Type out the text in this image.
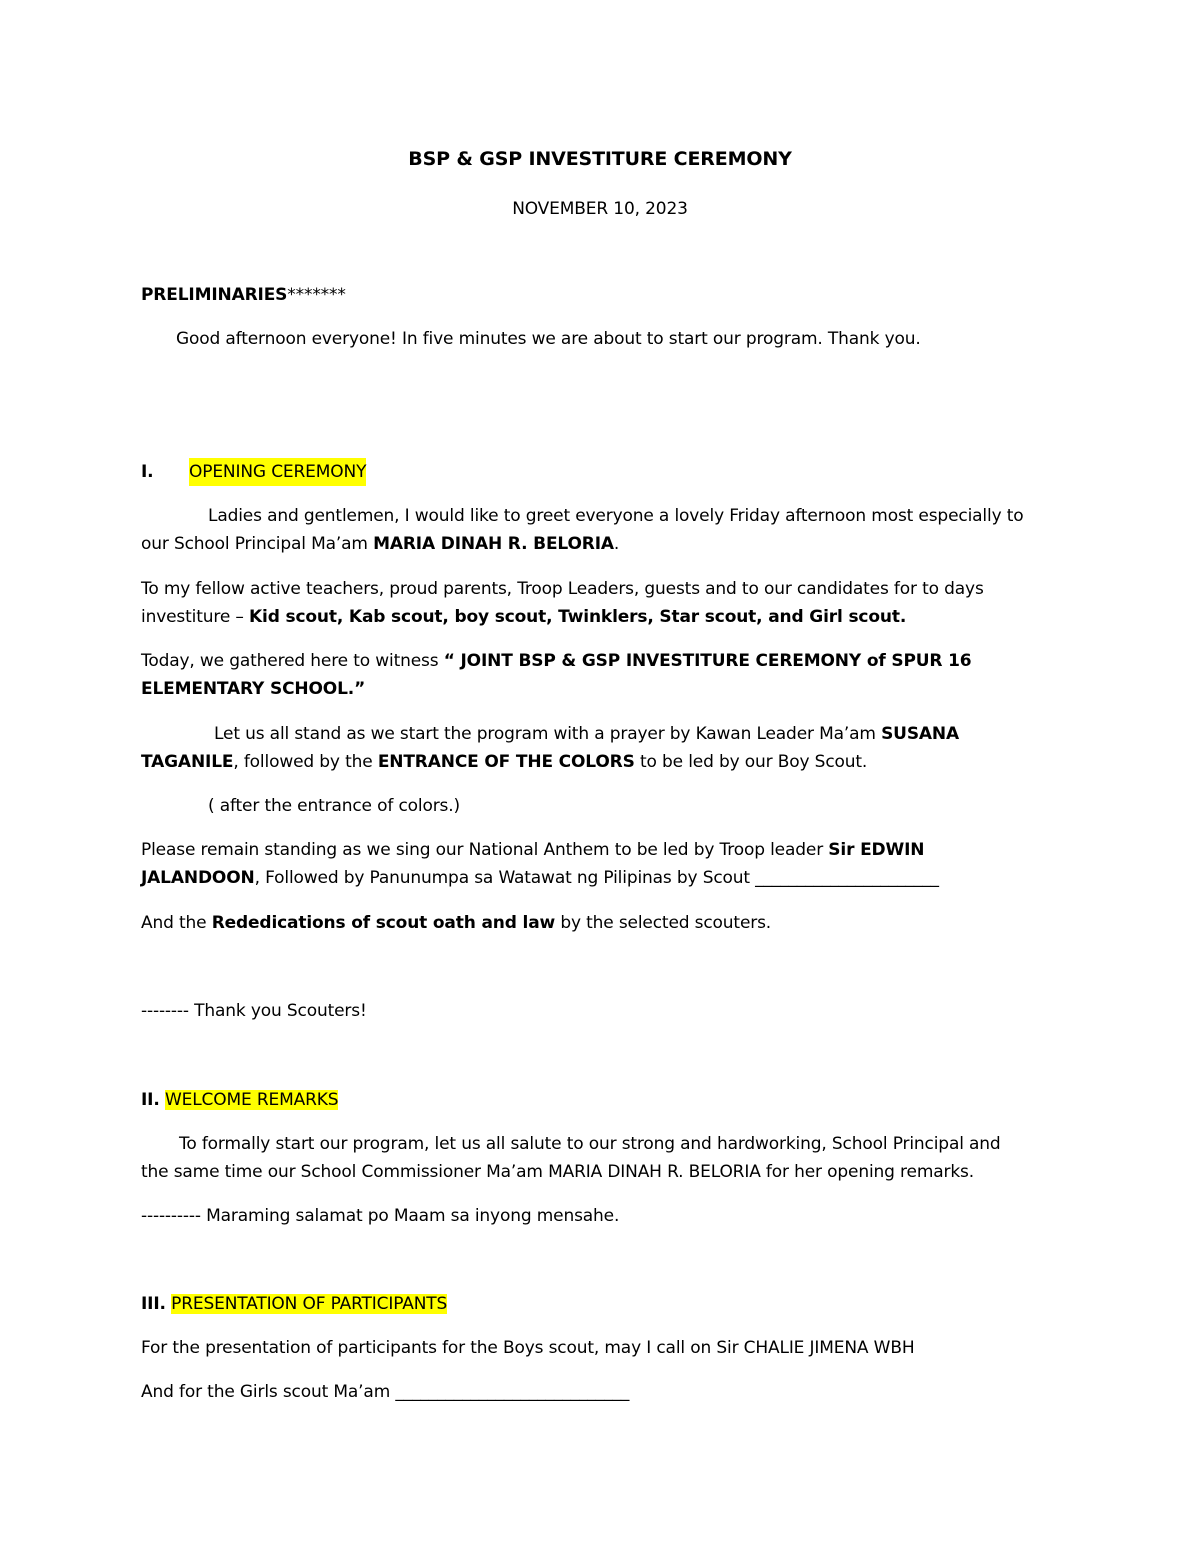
BSP & GSP INVESTITURE CEREMONY
NOVEMBER 10, 2023
PRELIMINARIES*******
Good afternoon everyone! In five minutes we are about to start our program. Thank you.
I. OPENING CEREMONY
Ladies and gentlemen, I would like to greet everyone a lovely Friday afternoon most especially to
our School Principal Ma’am MARIA DINAH R. BELORIA.
To my fellow active teachers, proud parents, Troop Leaders, guests and to our candidates for to days
investiture – Kid scout, Kab scout, boy scout, Twinklers, Star scout, and Girl scout.
Today, we gathered here to witness “ JOINT BSP & GSP INVESTITURE CEREMONY of SPUR 16
ELEMENTARY SCHOOL.”
Let us all stand as we start the program with a prayer by Kawan Leader Ma’am SUSANA
TAGANILE, followed by the ENTRANCE OF THE COLORS to be led by our Boy Scout.
( after the entrance of colors.)
Please remain standing as we sing our National Anthem to be led by Troop leader Sir EDWIN
JALANDOON, Followed by Panunumpa sa Watawat ng Pilipinas by Scout ______________________
And the Rededications of scout oath and law by the selected scouters.
-------- Thank you Scouters!
II. WELCOME REMARKS
To formally start our program, let us all salute to our strong and hardworking, School Principal and
the same time our School Commissioner Ma’am MARIA DINAH R. BELORIA for her opening remarks.
---------- Maraming salamat po Maam sa inyong mensahe.
III. PRESENTATION OF PARTICIPANTS
For the presentation of participants for the Boys scout, may I call on Sir CHALIE JIMENA WBH
And for the Girls scout Ma’am ____________________________
